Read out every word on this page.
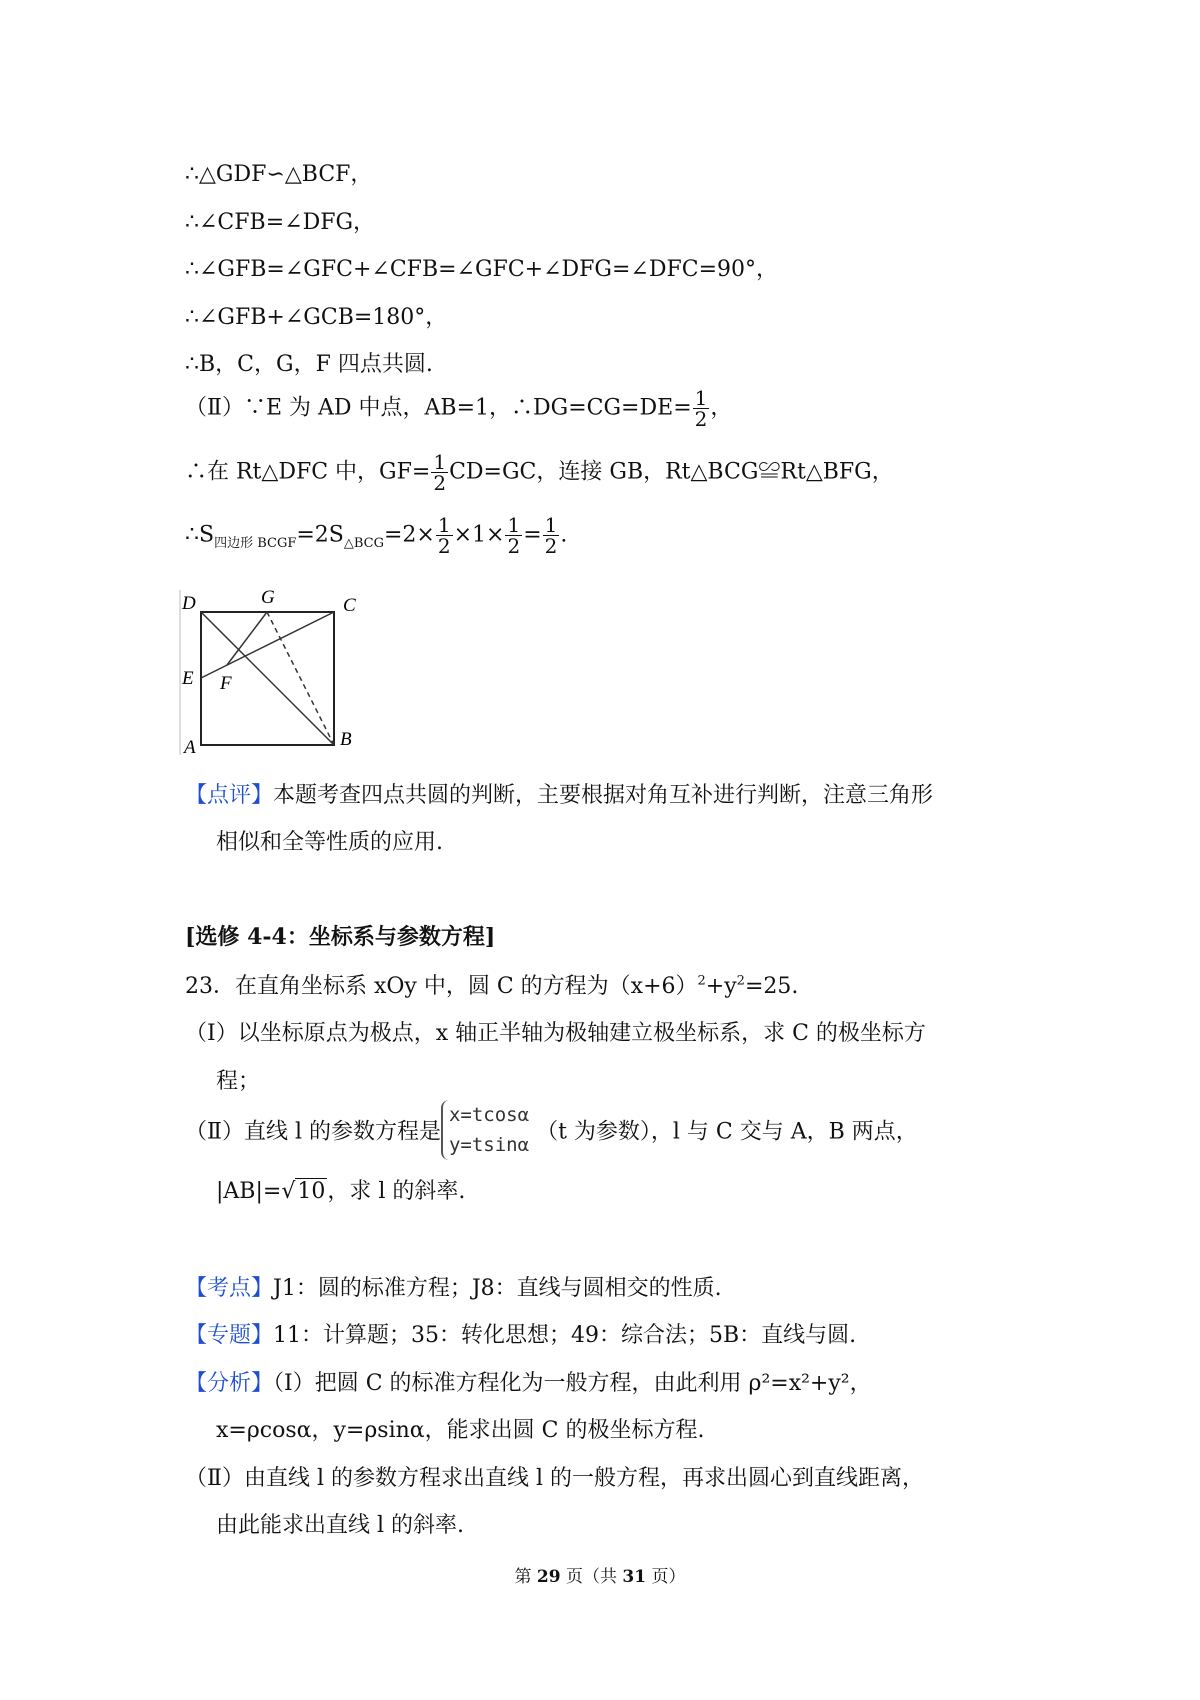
∴△GDF∽△BCF，
∴∠CFB=∠DFG，
∴∠GFB=∠GFC+∠CFB=∠GFC+∠DFG=∠DFC=90°，
∴∠GFB+∠GCB=180°，
∴B，C，G，F 四点共圆.
（Ⅱ）∵E 为 AD 中点，AB=1，∴DG=CG=DE= $\frac{1}{2}$ ，
∴在 Rt△DFC 中，$GF= \frac{1}{2} CD=GC$，连接 GB，Rt△BCG≌Rt△BFG，
$\therefore S_{四边形 BCGF}=2S_{\triangle BCG}=2\times \frac{1}{2} \times 1\times \frac{1}{2} = \frac{1}{2}$ .
D	G	C
E F
A	B
【点评】本题考查四点共圆的判断，主要根据对角互补进行判断，注意三角形
相似和全等性质的应用.
[选修 4-4：坐标系与参数方程]
23．在直角坐标系 xOy 中，圆 C 的方程为$(x+6)^2+y^2=25$.
（Ⅰ）以坐标原点为极点，x 轴正半轴为极轴建立极坐标系，求 C 的极坐标方
程；
（Ⅱ）直线 l 的参数方程是x=tcosα
y=tsinα （t 为参数），l 与 C 交与 A，B 两点，
|AB|=√10，求 l 的斜率.
【考点】J1：圆的标准方程；J8：直线与圆相交的性质.
【专题】11：计算题；35：转化思想；49：综合法；5B：直线与圆.
【分析】（Ⅰ）把圆 C 的标准方程化为一般方程，由此利用 ρ²=x²+y²，
x=ρcosα，y=ρsinα，能求出圆 C 的极坐标方程.
（Ⅱ）由直线 l 的参数方程求出直线 l 的一般方程，再求出圆心到直线距离，
由此能求出直线 l 的斜率.
第 29 页（共 31 页）
